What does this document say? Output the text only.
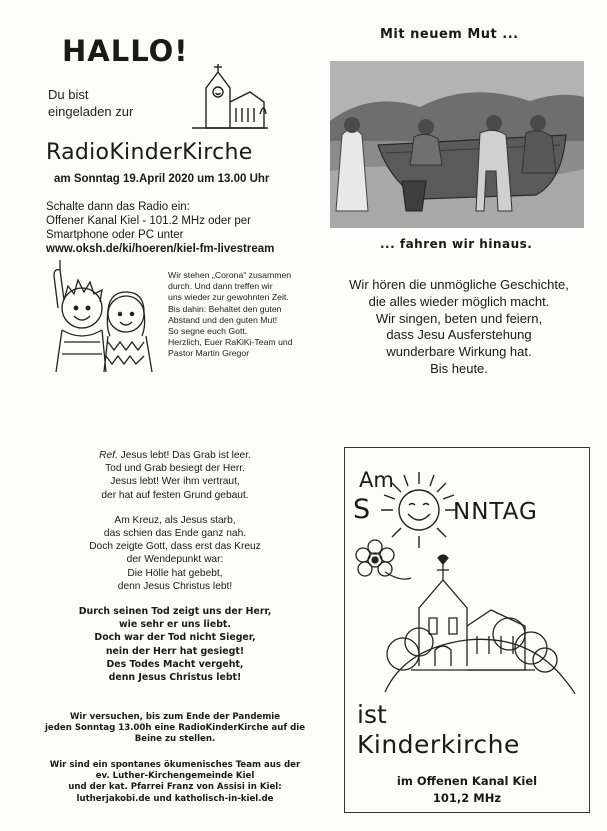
HALLO!
Du bist
eingeladen zur
RadioKinderKirche
am Sonntag 19.April 2020 um 13.00 Uhr
Schalte dann das Radio ein:
Offener Kanal Kiel - 101.2 MHz oder per
Smartphone oder PC unter
www.oksh.de/ki/hoeren/kiel-fm-livestream
Wir stehen „Corona“ zusammen
durch. Und dann treffen wir
uns wieder zur gewohnten Zeit.
Bis dahin: Behaltet den guten
Abstand und den guten Mut!
So segne euch Gott.
Herzlich, Euer RaKiKi-Team und
Pastor Martin Gregor
Mit neuem Mut ...
... fahren wir hinaus.
Wir hören die unmögliche Geschichte,
die alles wieder möglich macht.
Wir singen, beten und feiern,
dass Jesu Ausferstehung
wunderbare Wirkung hat.
Bis heute.
Ref. Jesus lebt! Das Grab ist leer.
Tod und Grab besiegt der Herr.
Jesus lebt! Wer ihm vertraut,
der hat auf festen Grund gebaut.
Am Kreuz, als Jesus starb,
das schien das Ende ganz nah.
Doch zeigte Gott, dass erst das Kreuz
der Wendepunkt war:
Die Hölle hat gebebt,
denn Jesus Christus lebt!
Durch seinen Tod zeigt uns der Herr,
wie sehr er uns liebt.
Doch war der Tod nicht Sieger,
nein der Herr hat gesiegt!
Des Todes Macht vergeht,
denn Jesus Christus lebt!
Wir versuchen, bis zum Ende der Pandemie
jeden Sonntag 13.00h eine RadioKinderKirche auf die
Beine zu stellen.
Wir sind ein spontanes ökumenisches Team aus der
ev. Luther-Kirchengemeinde Kiel
und der kat. Pfarrei Franz von Assisi in Kiel:
lutherjakobi.de und katholisch-in-kiel.de
Am
S	NNTAG
ist
Kinderkirche
im Offenen Kanal Kiel
101,2 MHz
